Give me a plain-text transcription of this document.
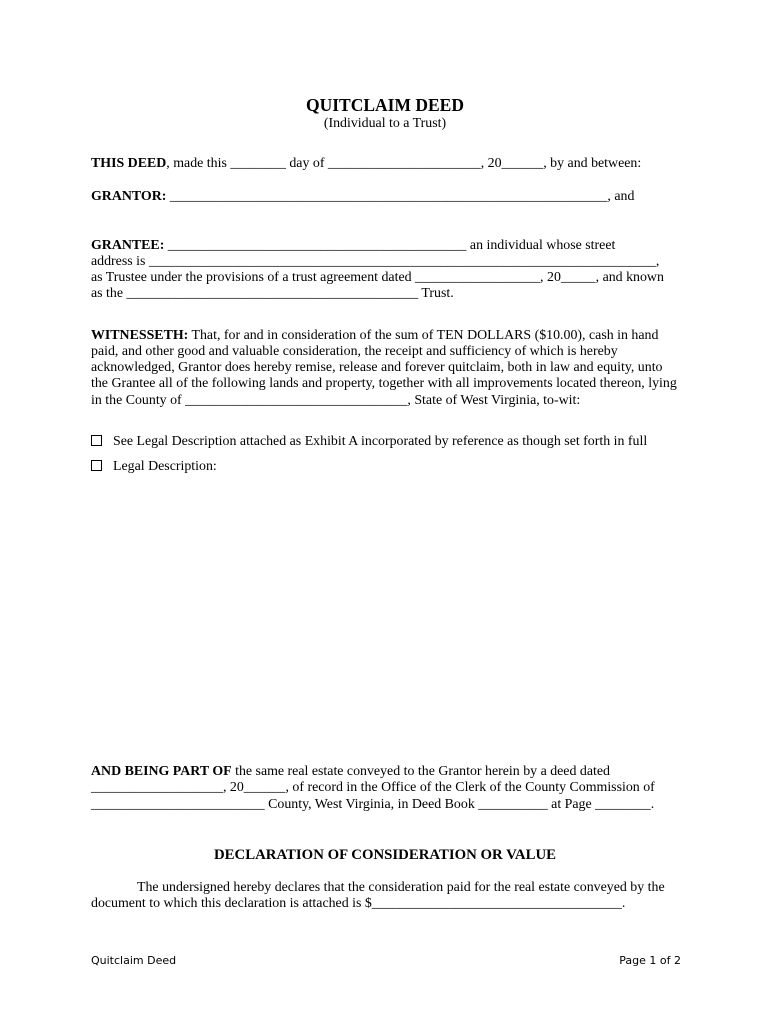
QUITCLAIM DEED
(Individual to a Trust)
THIS DEED, made this ________ day of ______________________, 20______, by and between:
GRANTOR: _______________________________________________________________, and
GRANTEE: ___________________________________________ an individual whose street
address is _________________________________________________________________________,
as Trustee under the provisions of a trust agreement dated __________________, 20_____, and known
as the __________________________________________ Trust.
WITNESSETH: That, for and in consideration of the sum of TEN DOLLARS ($10.00), cash in hand
paid, and other good and valuable consideration, the receipt and sufficiency of which is hereby
acknowledged, Grantor does hereby remise, release and forever quitclaim, both in law and equity, unto
the Grantee all of the following lands and property, together with all improvements located thereon, lying
in the County of ________________________________, State of West Virginia, to-wit:
See Legal Description attached as Exhibit A incorporated by reference as though set forth in full
Legal Description:
AND BEING PART OF the same real estate conveyed to the Grantor herein by a deed dated
___________________, 20______, of record in the Office of the Clerk of the County Commission of
_________________________ County, West Virginia, in Deed Book __________ at Page ________.
DECLARATION OF CONSIDERATION OR VALUE
The undersigned hereby declares that the consideration paid for the real estate conveyed by the
document to which this declaration is attached is $____________________________________.
Quitclaim Deed	Page 1 of 2
